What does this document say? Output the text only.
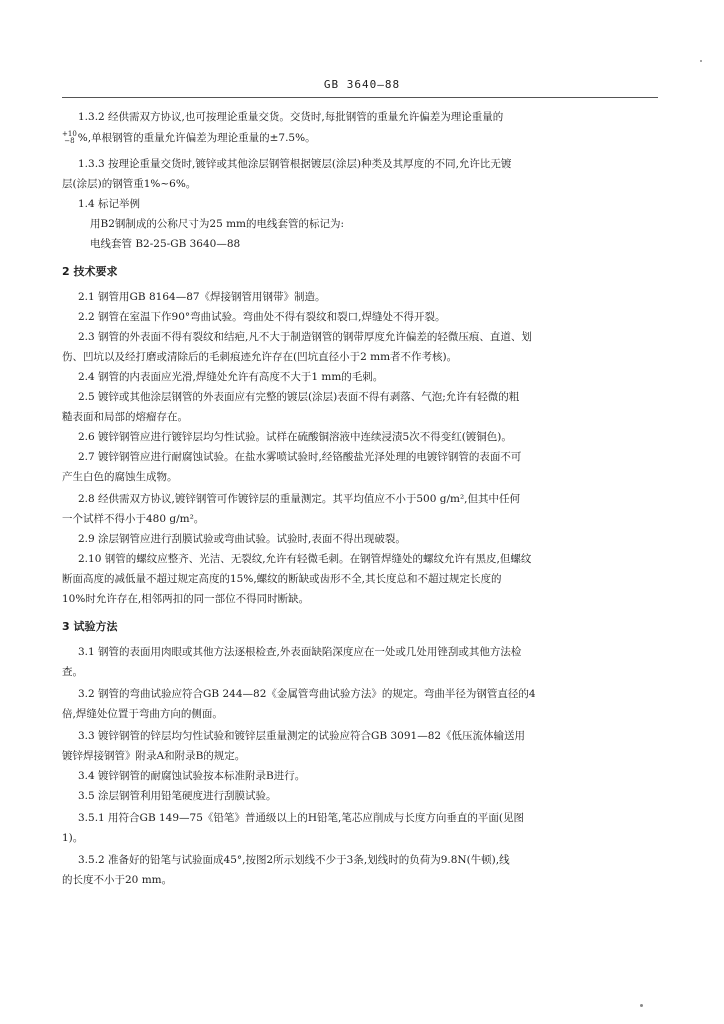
GB 3640—88

1.3.2 经供需双方协议,也可按理论重量交货。交货时,每批钢管的重量允许偏差为理论重量的

+10
−8 %,单根钢管的重量允许偏差为理论重量的±7.5%。

1.3.3 按理论重量交货时,镀锌或其他涂层钢管根据镀层(涂层)种类及其厚度的不同,允许比无镀

层(涂层)的钢管重1%~6%。

1.4 标记举例

用B2钢制成的公称尺寸为25 mm的电线套管的标记为:

电线套管 B2-25-GB 3640—88

2 技术要求

2.1 钢管用GB 8164—87《焊接钢管用钢带》制造。

2.2 钢管在室温下作90°弯曲试验。弯曲处不得有裂纹和裂口,焊缝处不得开裂。

2.3 钢管的外表面不得有裂纹和结疤,凡不大于制造钢管的钢带厚度允许偏差的轻微压痕、直道、划

伤、凹坑以及经打磨或清除后的毛刺痕迹允许存在(凹坑直径小于2 mm者不作考核)。

2.4 钢管的内表面应光滑,焊缝处允许有高度不大于1 mm的毛刺。

2.5 镀锌或其他涂层钢管的外表面应有完整的镀层(涂层)表面不得有剥落、气泡;允许有轻微的粗

糙表面和局部的熔瘤存在。

2.6 镀锌钢管应进行镀锌层均匀性试验。试样在硫酸铜溶液中连续浸渍5次不得变红(镀铜色)。

2.7 镀锌钢管应进行耐腐蚀试验。在盐水雾喷试验时,经铬酸盐光泽处理的电镀锌钢管的表面不可

产生白色的腐蚀生成物。

2.8 经供需双方协议,镀锌钢管可作镀锌层的重量测定。其平均值应不小于500 g/m²,但其中任何

一个试样不得小于480 g/m²。

2.9 涂层钢管应进行刮膜试验或弯曲试验。试验时,表面不得出现破裂。

2.10 钢管的螺纹应整齐、光洁、无裂纹,允许有轻微毛刺。在钢管焊缝处的螺纹允许有黑皮,但螺纹

断面高度的减低量不超过规定高度的15%,螺纹的断缺或齿形不全,其长度总和不超过规定长度的

10%时允许存在,相邻两扣的同一部位不得同时断缺。

3 试验方法

3.1 钢管的表面用肉眼或其他方法逐根检查,外表面缺陷深度应在一处或几处用锉刮或其他方法检

查。

3.2 钢管的弯曲试验应符合GB 244—82《金属管弯曲试验方法》的规定。弯曲半径为钢管直径的4

倍,焊缝处位置于弯曲方向的侧面。

3.3 镀锌钢管的锌层均匀性试验和镀锌层重量测定的试验应符合GB 3091—82《低压流体输送用

镀锌焊接钢管》附录A和附录B的规定。

3.4 镀锌钢管的耐腐蚀试验按本标准附录B进行。

3.5 涂层钢管利用铅笔硬度进行刮膜试验。

3.5.1 用符合GB 149—75《铅笔》普通级以上的H铅笔,笔芯应削成与长度方向垂直的平面(见图

1)。

3.5.2 准备好的铅笔与试验面成45°,按图2所示划线不少于3条,划线时的负荷为9.8N(牛顿),线

的长度不小于20 mm。
